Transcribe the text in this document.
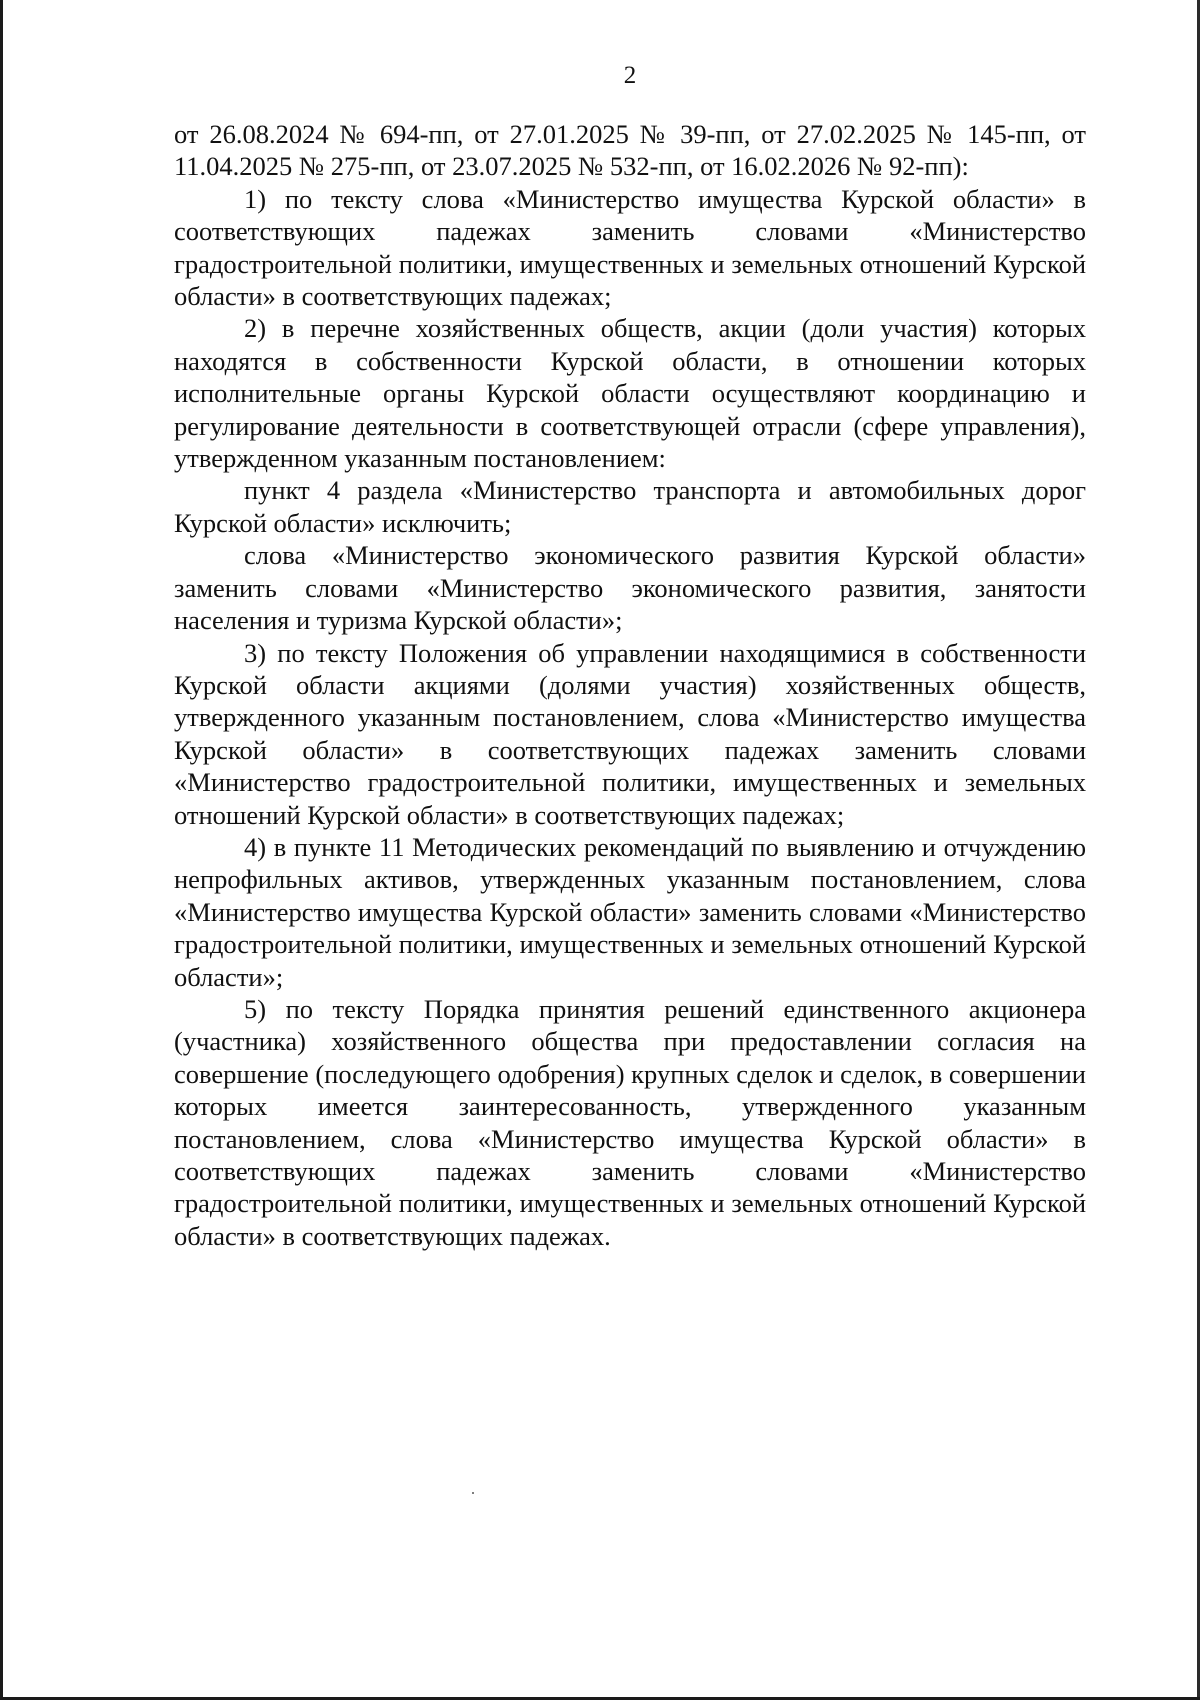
2

от 26.08.2024 № 694-пп, от 27.01.2025 № 39-пп, от 27.02.2025 № 145-пп, от 11.04.2025 № 275-пп, от 23.07.2025 № 532-пп, от 16.02.2026 № 92-пп):

1) по тексту слова «Министерство имущества Курской области» в соответствующих падежах заменить словами «Министерство градостроительной политики, имущественных и земельных отношений Курской области» в соответствующих падежах;

2) в перечне хозяйственных обществ, акции (доли участия) которых находятся в собственности Курской области, в отношении которых исполнительные органы Курской области осуществляют координацию и регулирование деятельности в соответствующей отрасли (сфере управления), утвержденном указанным постановлением:

пункт 4 раздела «Министерство транспорта и автомобильных дорог Курской области» исключить;

слова «Министерство экономического развития Курской области» заменить словами «Министерство экономического развития, занятости населения и туризма Курской области»;

3) по тексту Положения об управлении находящимися в собственности Курской области акциями (долями участия) хозяйственных обществ, утвержденного указанным постановлением, слова «Министерство имущества Курской области» в соответствующих падежах заменить словами «Министерство градостроительной политики, имущественных и земельных отношений Курской области» в соответствующих падежах;

4) в пункте 11 Методических рекомендаций по выявлению и отчуждению непрофильных активов, утвержденных указанным постановлением, слова «Министерство имущества Курской области» заменить словами «Министерство градостроительной политики, имущественных и земельных отношений Курской области»;

5) по тексту Порядка принятия решений единственного акционера (участника) хозяйственного общества при предоставлении согласия на совершение (последующего одобрения) крупных сделок и сделок, в совершении которых имеется заинтересованность, утвержденного указанным постановлением, слова «Министерство имущества Курской области» в соответствующих падежах заменить словами «Министерство градостроительной политики, имущественных и земельных отношений Курской области» в соответствующих падежах.
